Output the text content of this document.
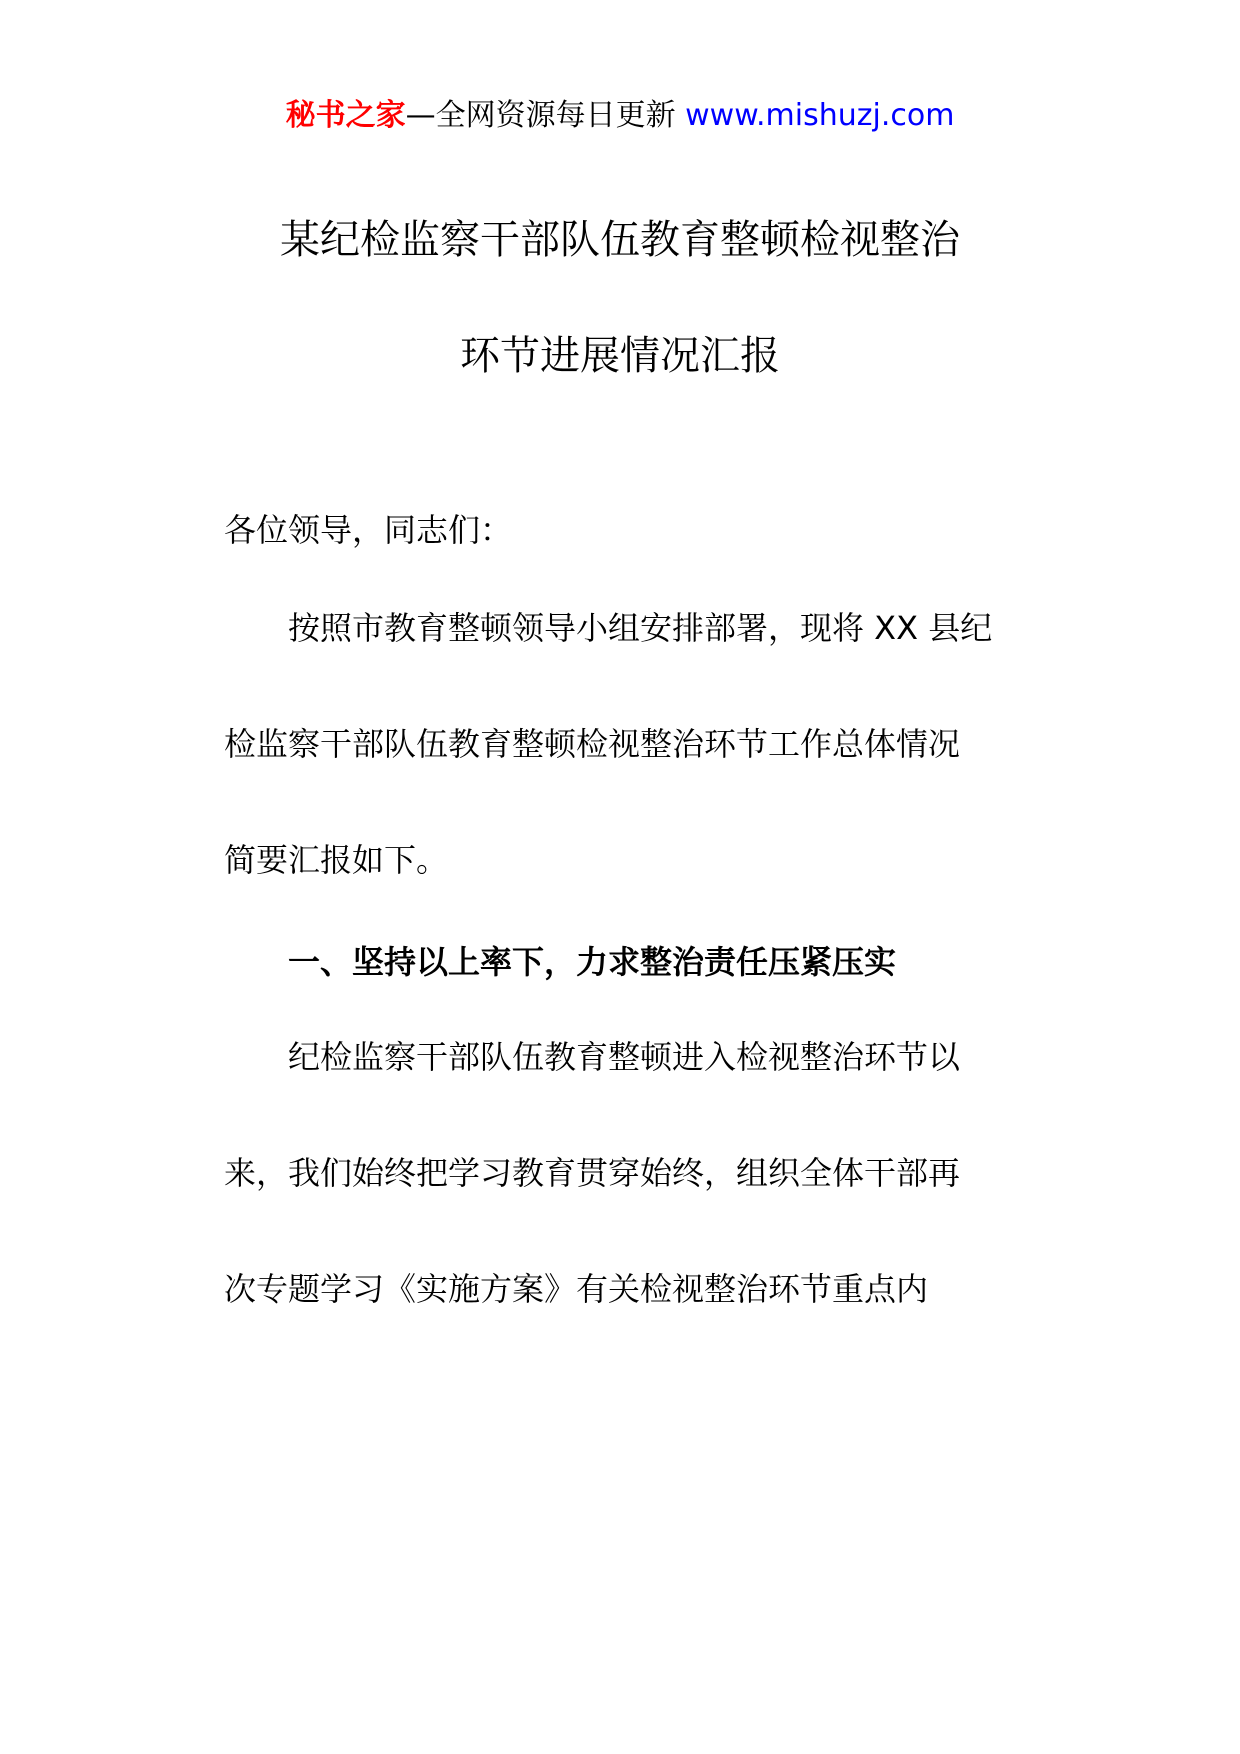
秘书之家—全网资源每日更新 www.mishuzj.com
某纪检监察干部队伍教育整顿检视整治
环节进展情况汇报
各位领导，同志们：
按照市教育整顿领导小组安排部署，现将 XX 县纪
检监察干部队伍教育整顿检视整治环节工作总体情况
简要汇报如下。
一、坚持以上率下，力求整治责任压紧压实
纪检监察干部队伍教育整顿进入检视整治环节以
来，我们始终把学习教育贯穿始终，组织全体干部再
次专题学习《实施方案》有关检视整治环节重点内
